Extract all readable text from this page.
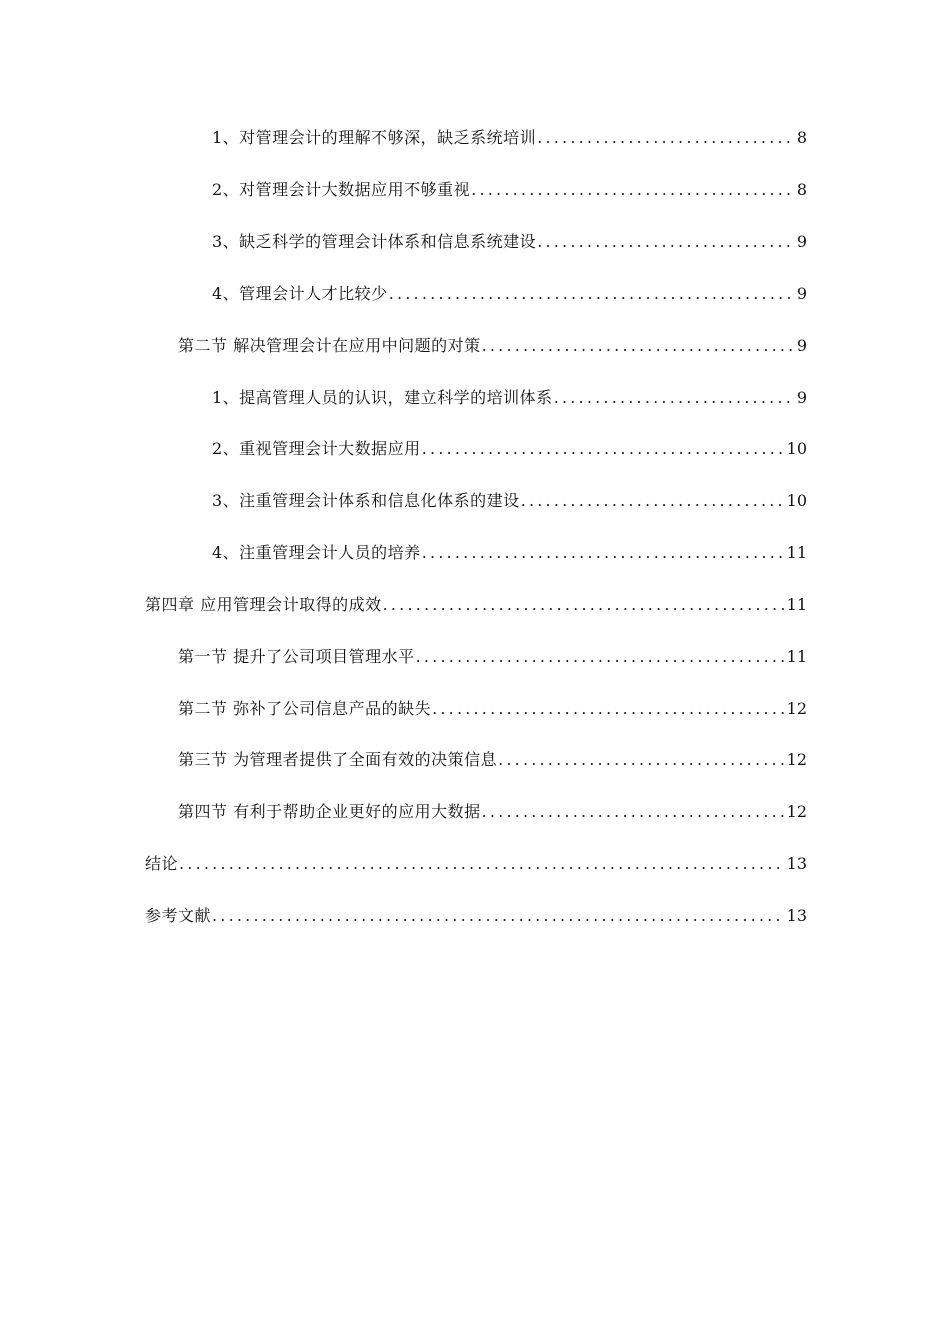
1、对管理会计的理解不够深，缺乏系统培训 .....	8
2、对管理会计大数据应用不够重视 .....	8
3、缺乏科学的管理会计体系和信息系统建设 .....	9
4、管理会计人才比较少 .....	9
第二节 解决管理会计在应用中问题的对策 .....	9
1、提高管理人员的认识，建立科学的培训体系 .....	9
2、重视管理会计大数据应用 .....	10
3、注重管理会计体系和信息化体系的建设 .....	10
4、注重管理会计人员的培养 .....	11
第四章 应用管理会计取得的成效 .....	11
第一节 提升了公司项目管理水平 .....	11
第二节 弥补了公司信息产品的缺失 .....	12
第三节 为管理者提供了全面有效的决策信息 .....	12
第四节 有利于帮助企业更好的应用大数据 .....	12
结论 .....	13
参考文献 .....	13
